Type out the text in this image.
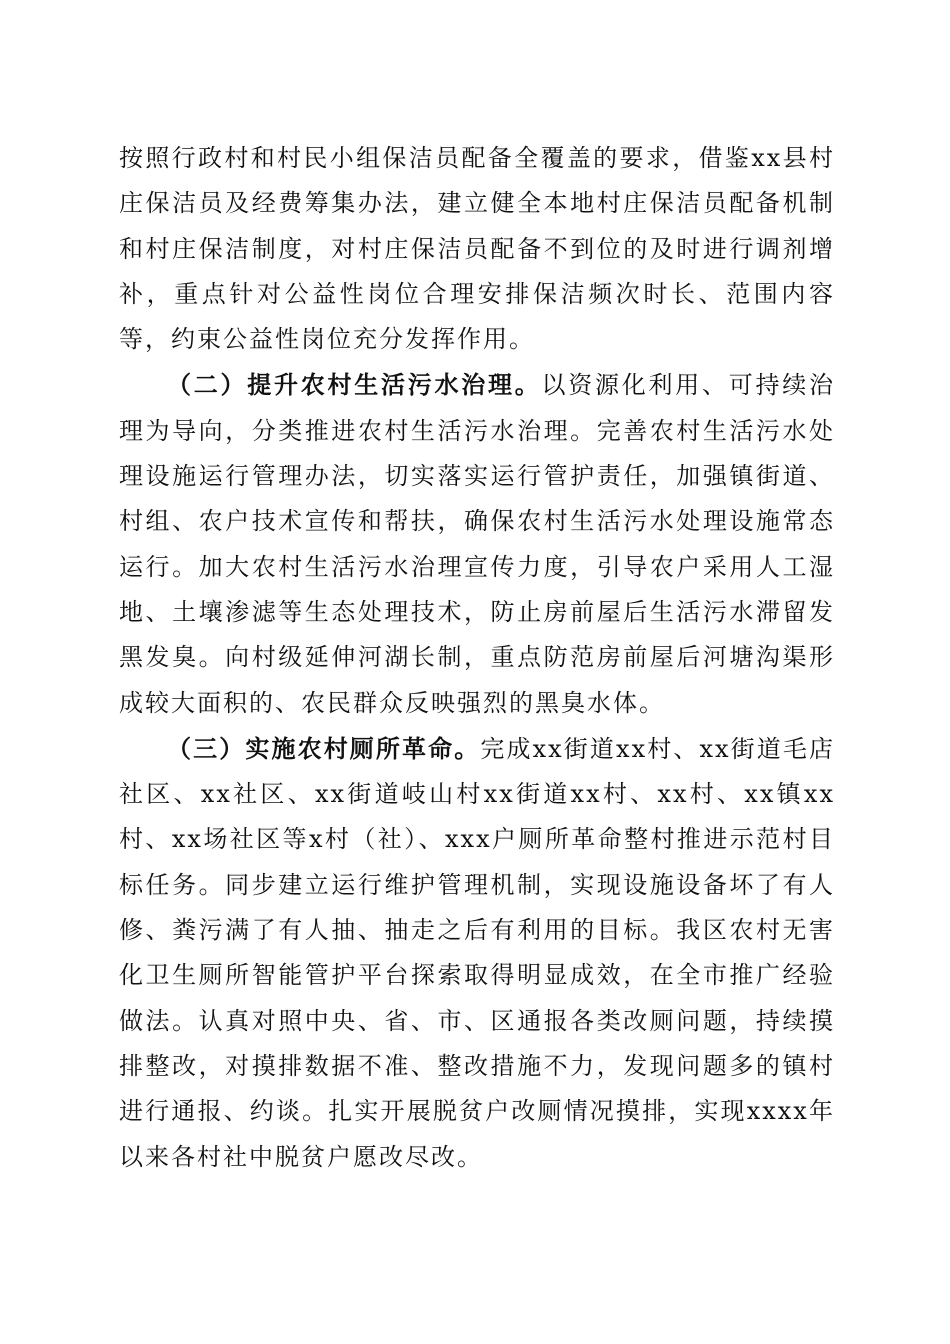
按照行政村和村民小组保洁员配备全覆盖的要求，借鉴xx县村庄保洁员及经费筹集办法，建立健全本地村庄保洁员配备机制和村庄保洁制度，对村庄保洁员配备不到位的及时进行调剂增补，重点针对公益性岗位合理安排保洁频次时长、范围内容等，约束公益性岗位充分发挥作用。

（二）提升农村生活污水治理。以资源化利用、可持续治理为导向，分类推进农村生活污水治理。完善农村生活污水处理设施运行管理办法，切实落实运行管护责任，加强镇街道、村组、农户技术宣传和帮扶，确保农村生活污水处理设施常态运行。加大农村生活污水治理宣传力度，引导农户采用人工湿地、土壤渗滤等生态处理技术，防止房前屋后生活污水滞留发黑发臭。向村级延伸河湖长制，重点防范房前屋后河塘沟渠形成较大面积的、农民群众反映强烈的黑臭水体。

（三）实施农村厕所革命。完成xx街道xx村、xx街道毛店社区、xx社区、xx街道岐山村xx街道xx村、xx村、xx镇xx村、xx场社区等x村（社）、xxx户厕所革命整村推进示范村目标任务。同步建立运行维护管理机制，实现设施设备坏了有人修、粪污满了有人抽、抽走之后有利用的目标。我区农村无害化卫生厕所智能管护平台探索取得明显成效，在全市推广经验做法。认真对照中央、省、市、区通报各类改厕问题，持续摸排整改，对摸排数据不准、整改措施不力，发现问题多的镇村进行通报、约谈。扎实开展脱贫户改厕情况摸排，实现xxxx年以来各村社中脱贫户愿改尽改。
